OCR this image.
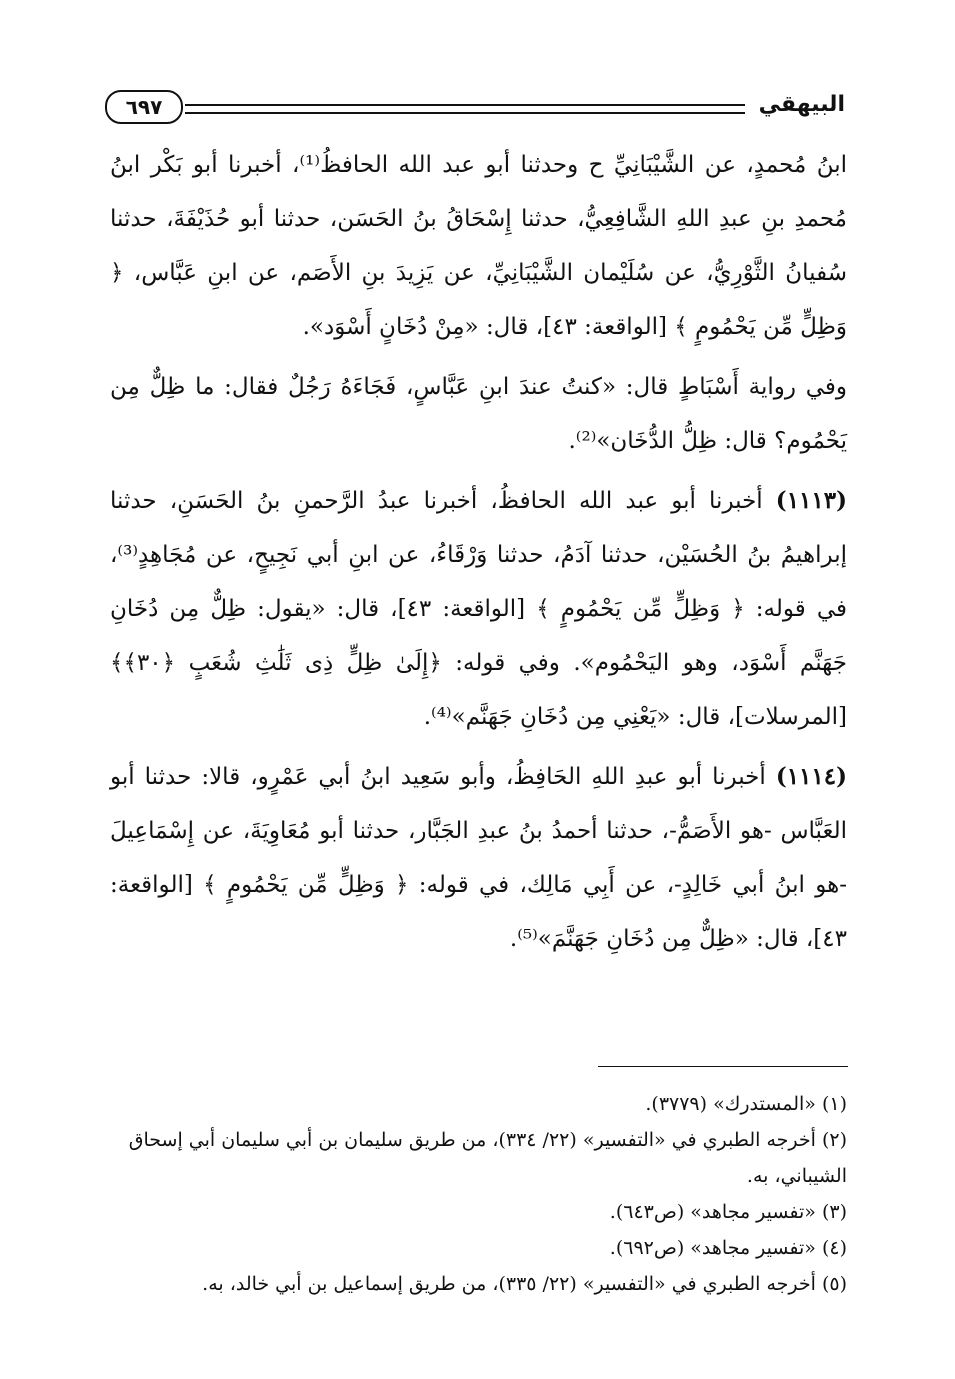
٦٩٧	البيهقي

ابنُ مُحمدٍ، عن الشَّيْبَانِيِّ ح وحدثنا أبو عبد الله الحافظُ⁽¹⁾، أخبرنا أبو بَكْر ابنُ مُحمدِ بنِ عبدِ اللهِ الشَّافِعِيُّ، حدثنا إِسْحَاقُ بنُ الحَسَن، حدثنا أبو حُذَيْفَةَ، حدثنا سُفيانُ الثَّوْرِيُّ، عن سُلَيْمان الشَّيْبَانِيِّ، عن يَزِيدَ بنِ الأَصَم، عن ابنِ عَبَّاس، ﴿ وَظِلٍّ مِّن يَحْمُومٍ ﴾ [الواقعة: ٤٣]، قال: «مِنْ دُخَانٍ أَسْوَد».

وفي رواية أَسْبَاطٍ قال: «كنتُ عندَ ابنِ عَبَّاسٍ، فَجَاءَهُ رَجُلٌ فقال: ما ظِلٌّ مِن يَحْمُوم؟ قال: ظِلُّ الدُّخَان»⁽²⁾.

(١١١٣) أخبرنا أبو عبد الله الحافظُ، أخبرنا عبدُ الرَّحمنِ بنُ الحَسَنِ، حدثنا إبراهيمُ بنُ الحُسَيْن، حدثنا آدَمُ، حدثنا وَرْقَاءُ، عن ابنِ أبي نَجِيحٍ، عن مُجَاهِدٍ⁽³⁾، في قوله: ﴿ وَظِلٍّ مِّن يَحْمُومٍ ﴾ [الواقعة: ٤٣]، قال: «يقول: ظِلٌّ مِن دُخَانِ جَهَنَّم أَسْوَد، وهو اليَحْمُوم». وفي قوله: ﴿إِلَىٰ ظِلٍّ ذِى ثَلَٰثِ شُعَبٍ ﴿٣٠﴾﴾ [المرسلات]، قال: «يَعْنِي مِن دُخَانِ جَهَنَّم»⁽⁴⁾.

(١١١٤) أخبرنا أبو عبدِ اللهِ الحَافِظُ، وأبو سَعِيد ابنُ أبي عَمْرٍو، قالا: حدثنا أبو العَبَّاس -هو الأَصَمُّ-، حدثنا أحمدُ بنُ عبدِ الجَبَّار، حدثنا أبو مُعَاوِيَةَ، عن إِسْمَاعِيلَ -هو ابنُ أبي خَالِدٍ-، عن أَبِي مَالِك، في قوله: ﴿ وَظِلٍّ مِّن يَحْمُومٍ ﴾ [الواقعة: ٤٣]، قال: «ظِلٌّ مِن دُخَانِ جَهَنَّمَ»⁽⁵⁾.

(١) «المستدرك» (٣٧٧٩).

(٢) أخرجه الطبري في «التفسير» (٢٢/ ٣٣٤)، من طريق سليمان بن أبي سليمان أبي إسحاق الشيباني، به.

(٣) «تفسير مجاهد» (ص٦٤٣).

(٤) «تفسير مجاهد» (ص٦٩٢).

(٥) أخرجه الطبري في «التفسير» (٢٢/ ٣٣٥)، من طريق إسماعيل بن أبي خالد، به.
